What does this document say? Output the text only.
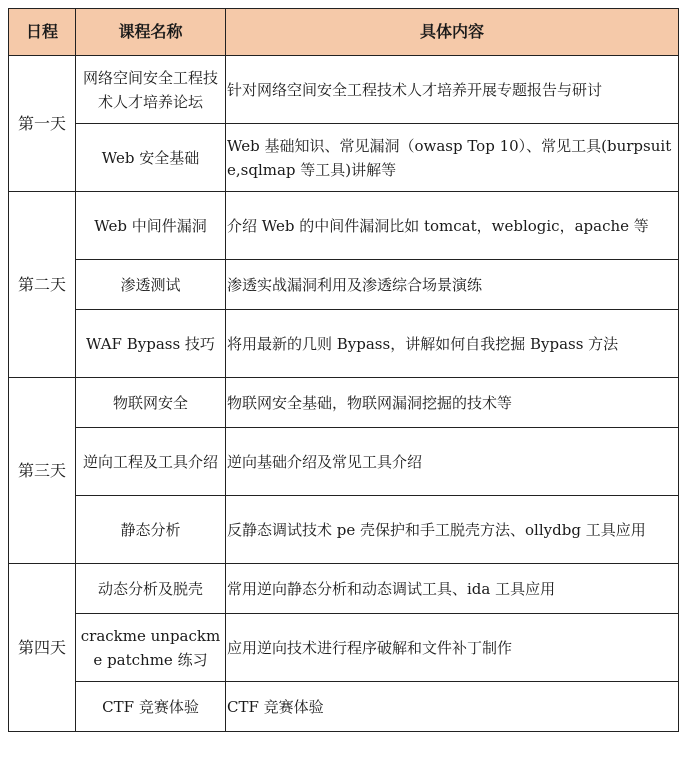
日程	课程名称	具体内容
第一天	网络空间安全工程技术人才培养论坛	针对网络空间安全工程技术人才培养开展专题报告与研讨
	Web 安全基础	Web 基础知识、常见漏洞（owasp Top 10）、常见工具(burpsuite,sqlmap 等工具)讲解等
第二天	Web 中间件漏洞	介绍 Web 的中间件漏洞比如 tomcat，weblogic，apache 等
	渗透测试	渗透实战漏洞利用及渗透综合场景演练
	WAF Bypass 技巧	将用最新的几则 Bypass，讲解如何自我挖掘 Bypass 方法
第三天	物联网安全	物联网安全基础，物联网漏洞挖掘的技术等
	逆向工程及工具介绍	逆向基础介绍及常见工具介绍
	静态分析	反静态调试技术 pe 壳保护和手工脱壳方法、ollydbg 工具应用
第四天	动态分析及脱壳	常用逆向静态分析和动态调试工具、ida 工具应用
	crackme unpackme patchme 练习	应用逆向技术进行程序破解和文件补丁制作
	CTF 竞赛体验	CTF 竞赛体验
